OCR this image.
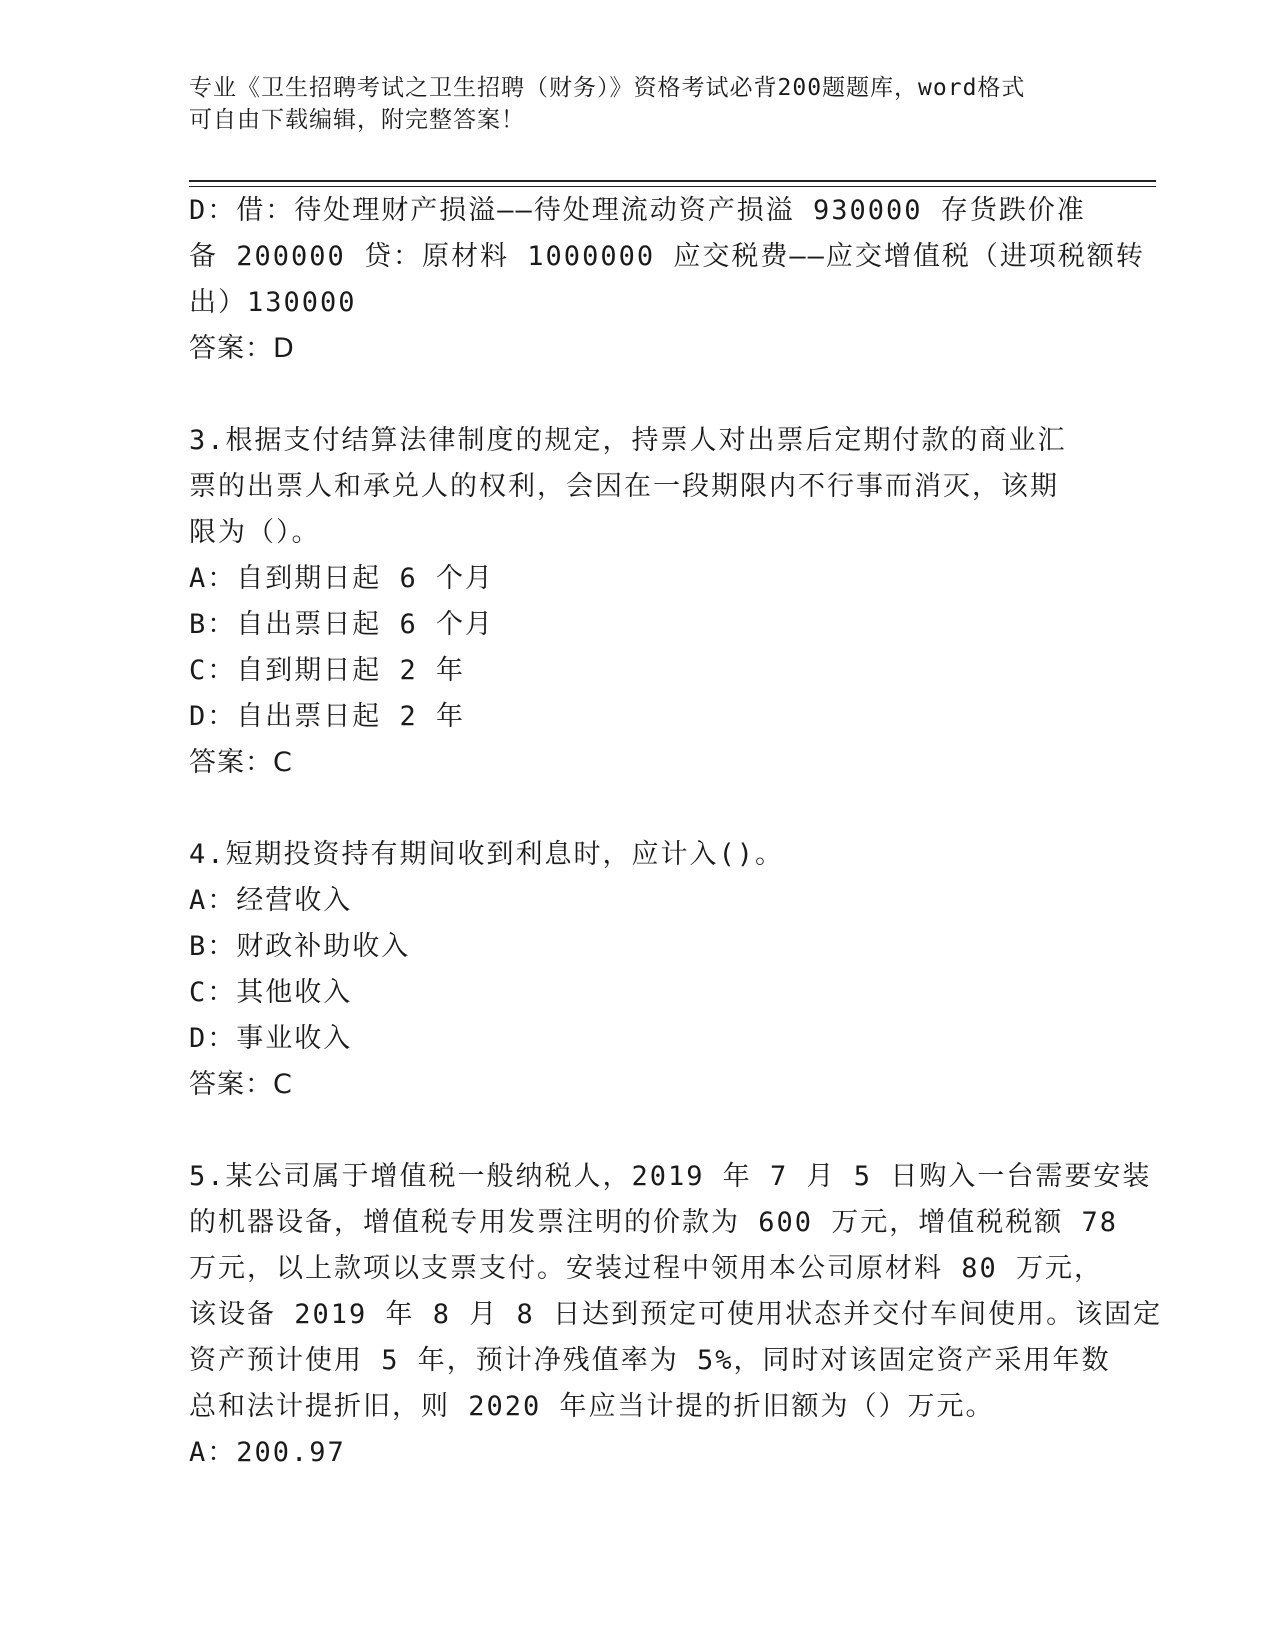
专业《卫生招聘考试之卫生招聘（财务）》资格考试必背200题题库，word格式
可自由下载编辑，附完整答案！
D：借：待处理财产损溢——待处理流动资产损溢 930000 存货跌价准
备 200000 贷：原材料 1000000 应交税费——应交增值税（进项税额转
出）130000
答案：D
3.根据支付结算法律制度的规定，持票人对出票后定期付款的商业汇
票的出票人和承兑人的权利，会因在一段期限内不行事而消灭，该期
限为（）。
A：自到期日起 6 个月
B：自出票日起 6 个月
C：自到期日起 2 年
D：自出票日起 2 年
答案：C
4.短期投资持有期间收到利息时，应计入()。
A：经营收入
B：财政补助收入
C：其他收入
D：事业收入
答案：C
5.某公司属于增值税一般纳税人，2019 年 7 月 5 日购入一台需要安装
的机器设备，增值税专用发票注明的价款为 600 万元，增值税税额 78
万元，以上款项以支票支付。安装过程中领用本公司原材料 80 万元，
该设备 2019 年 8 月 8 日达到预定可使用状态并交付车间使用。该固定
资产预计使用 5 年，预计净残值率为 5%，同时对该固定资产采用年数
总和法计提折旧，则 2020 年应当计提的折旧额为（）万元。
A：200.97
